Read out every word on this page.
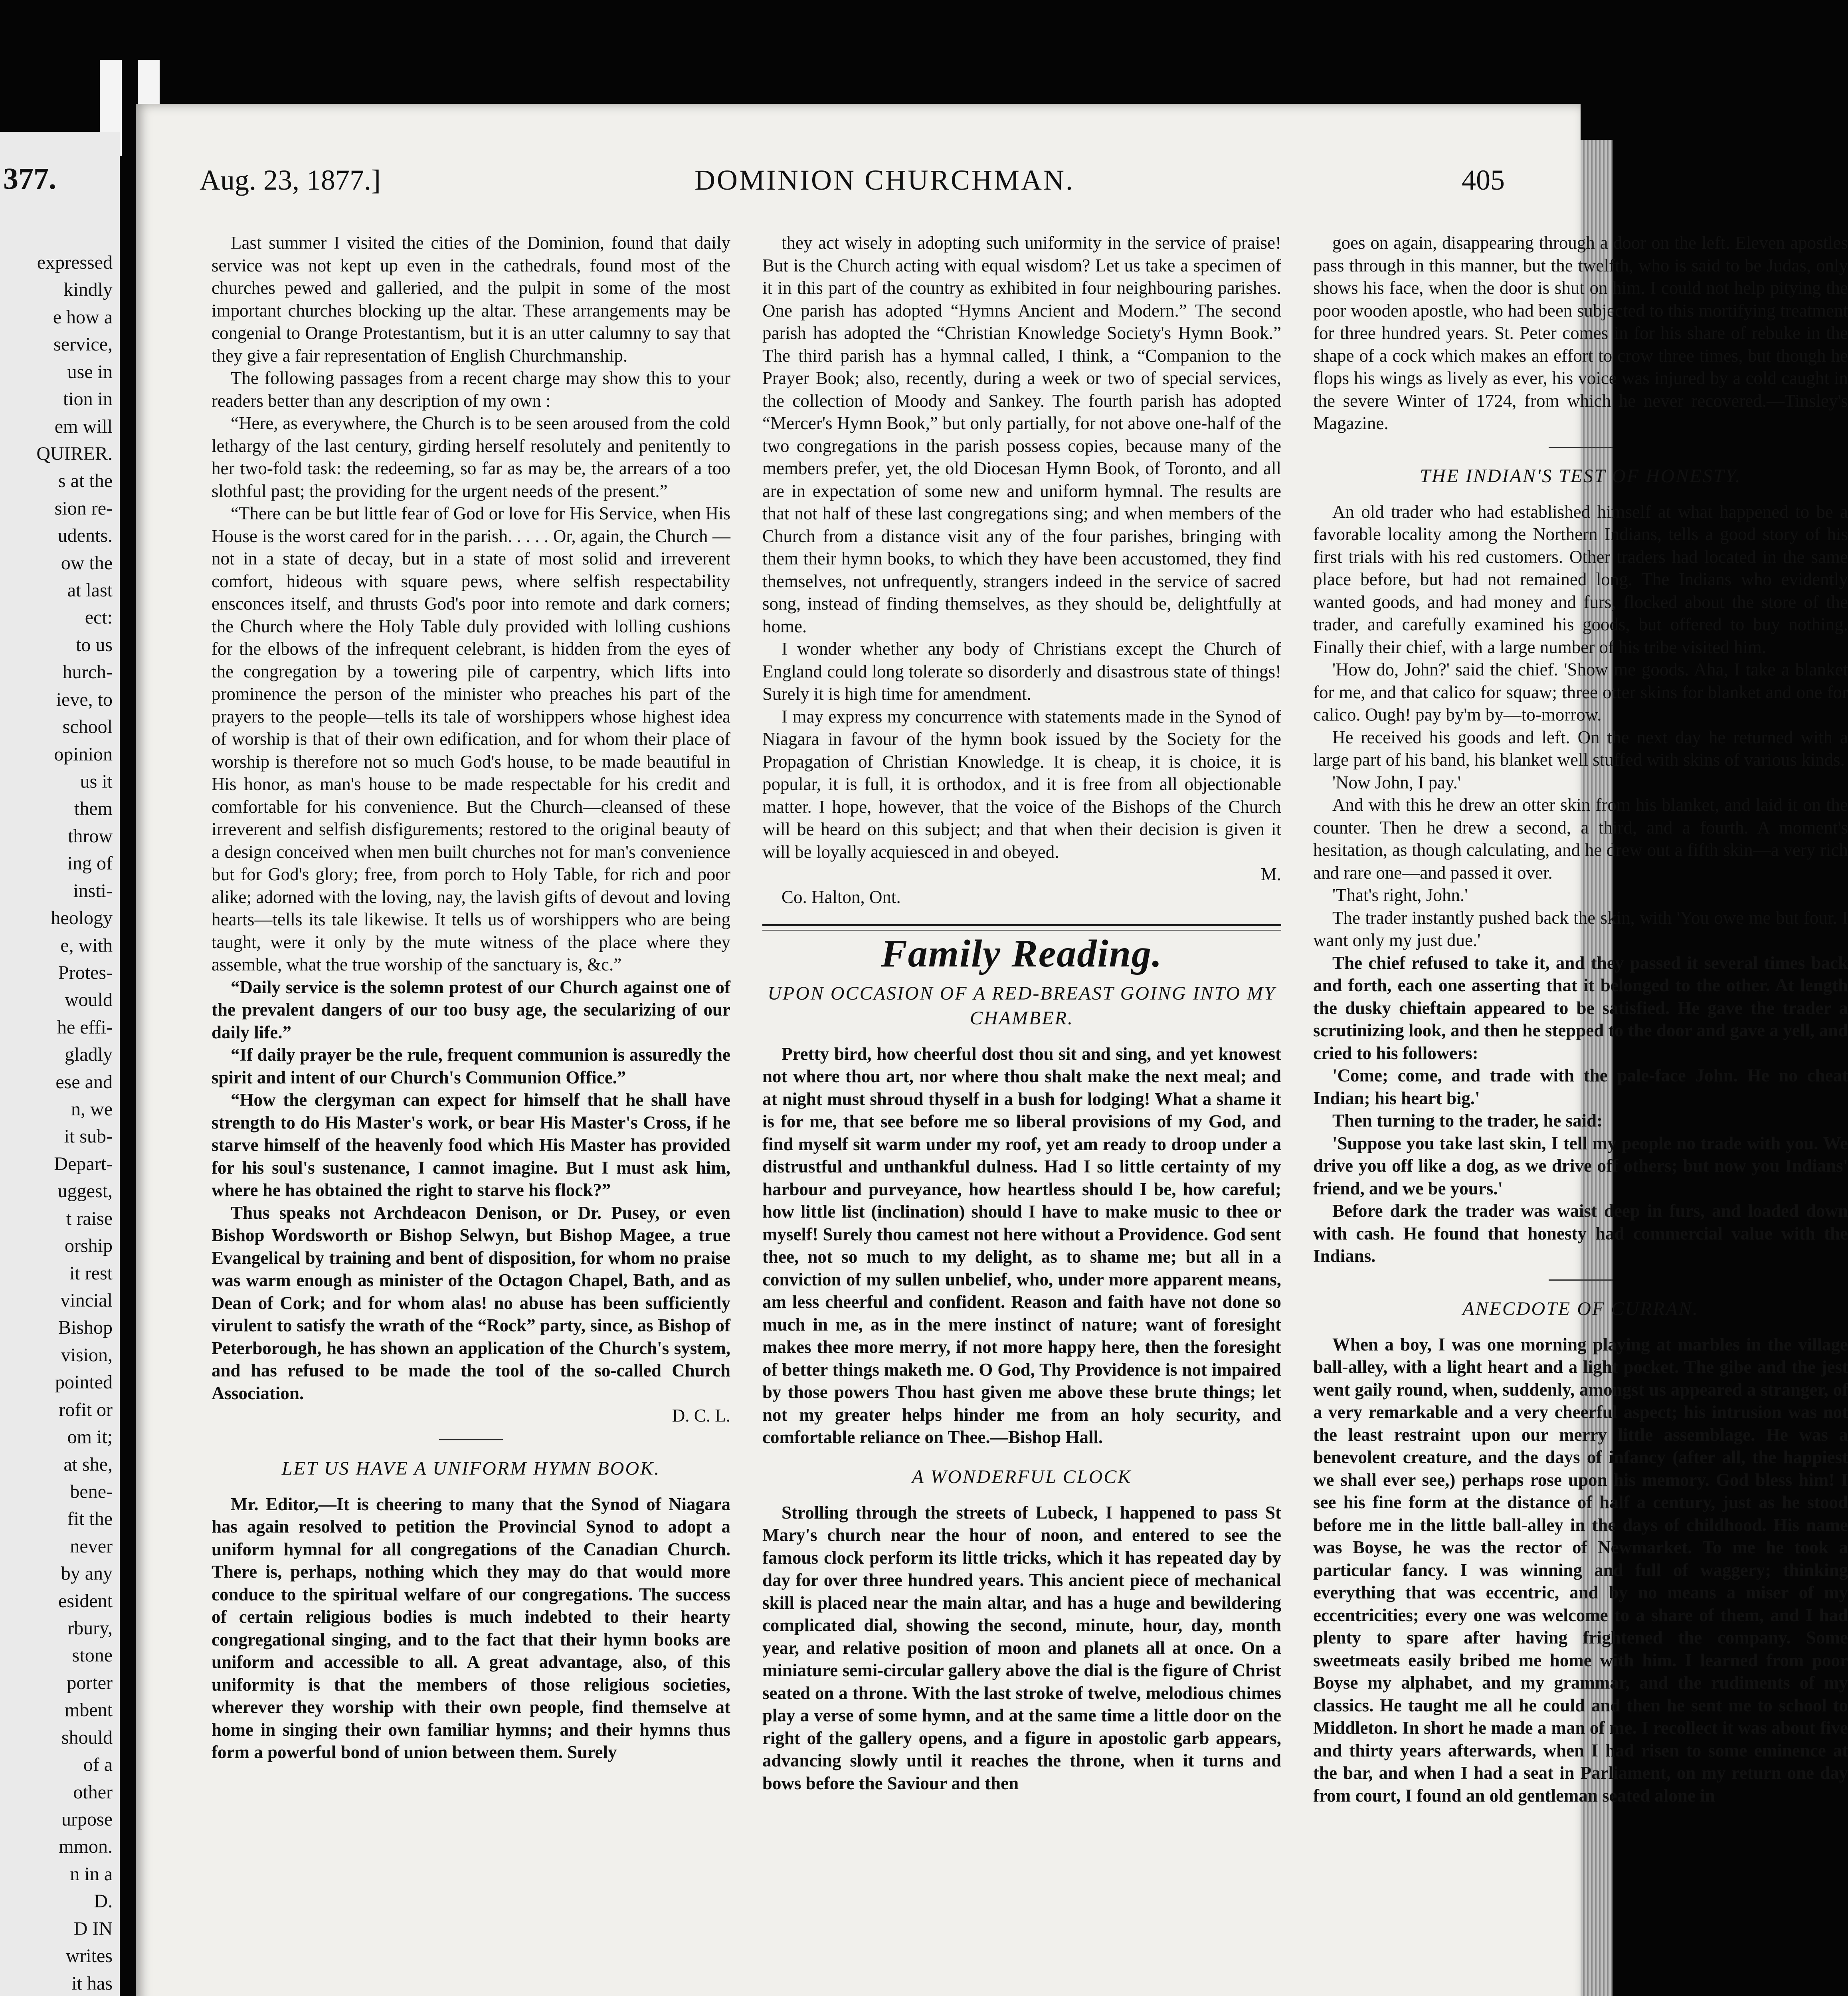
377.
expressed
kindly
e how a
service,
use in
tion in
em will
QUIRER.
s at the
sion re-
udents.
ow the
at last
ect:
to us
hurch-
ieve, to
school
opinion
us it
them
throw
ing of
insti-
heology
e, with
Protes-
would
he effi-
gladly
ese and
n, we
it sub-
Depart-
uggest,
t raise
orship
it rest
vincial
Bishop
vision,
pointed
rofit or
om it;
at she,
bene-
fit the
never
by any
esident
rbury,
stone
porter
mbent
should
of a
other
urpose
mmon.
n in a
D.
D IN
writes
it has
Aug. 23, 1877.]	DOMINION CHURCHMAN.	405

Last summer I visited the cities of the Dominion, found that daily service was not kept up even in the cathedrals, found most of the churches pewed and galleried, and the pulpit in some of the most important churches blocking up the altar. These arrangements may be congenial to Orange Protestantism, but it is an utter calumny to say that they give a fair representation of English Churchmanship.

The following passages from a recent charge may show this to your readers better than any description of my own :

“Here, as everywhere, the Church is to be seen aroused from the cold lethargy of the last century, girding herself resolutely and penitently to her two-fold task: the redeeming, so far as may be, the arrears of a too slothful past; the providing for the urgent needs of the present.”

“There can be but little fear of God or love for His Service, when His House is the worst cared for in the parish. . . . . Or, again, the Church —not in a state of decay, but in a state of most solid and irreverent comfort, hideous with square pews, where selfish respectability ensconces itself, and thrusts God's poor into remote and dark corners; the Church where the Holy Table duly provided with lolling cushions for the elbows of the infrequent celebrant, is hidden from the eyes of the congregation by a towering pile of carpentry, which lifts into prominence the person of the minister who preaches his part of the prayers to the people—tells its tale of worshippers whose highest idea of worship is that of their own edification, and for whom their place of worship is therefore not so much God's house, to be made beautiful in His honor, as man's house to be made respectable for his credit and comfortable for his convenience. But the Church—cleansed of these irreverent and selfish disfigurements; restored to the original beauty of a design conceived when men built churches not for man's convenience but for God's glory; free, from porch to Holy Table, for rich and poor alike; adorned with the loving, nay, the lavish gifts of devout and loving hearts—tells its tale likewise. It tells us of worshippers who are being taught, were it only by the mute witness of the place where they assemble, what the true worship of the sanctuary is, &c.”

“Daily service is the solemn protest of our Church against one of the prevalent dangers of our too busy age, the secularizing of our daily life.”

“If daily prayer be the rule, frequent communion is assuredly the spirit and intent of our Church's Communion Office.”

“How the clergyman can expect for himself that he shall have strength to do His Master's work, or bear His Master's Cross, if he starve himself of the heavenly food which His Master has provided for his soul's sustenance, I cannot imagine. But I must ask him, where he has obtained the right to starve his flock?”

Thus speaks not Archdeacon Denison, or Dr. Pusey, or even Bishop Wordsworth or Bishop Selwyn, but Bishop Magee, a true Evangelical by training and bent of disposition, for whom no praise was warm enough as minister of the Octagon Chapel, Bath, and as Dean of Cork; and for whom alas! no abuse has been sufficiently virulent to satisfy the wrath of the “Rock” party, since, as Bishop of Peterborough, he has shown an application of the Church's system, and has refused to be made the tool of the so-called Church Association.

D. C. L.

LET US HAVE A UNIFORM HYMN BOOK.

Mr. Editor,—It is cheering to many that the Synod of Niagara has again resolved to petition the Provincial Synod to adopt a uniform hymnal for all congregations of the Canadian Church. There is, perhaps, nothing which they may do that would more conduce to the spiritual welfare of our congregations. The success of certain religious bodies is much indebted to their hearty congregational singing, and to the fact that their hymn books are uniform and accessible to all. A great advantage, also, of this uniformity is that the members of those religious societies, wherever they worship with their own people, find themselve at home in singing their own familiar hymns; and their hymns thus form a powerful bond of union between them. Surely

they act wisely in adopting such uniformity in the service of praise! But is the Church acting with equal wisdom? Let us take a specimen of it in this part of the country as exhibited in four neighbouring parishes. One parish has adopted “Hymns Ancient and Modern.” The second parish has adopted the “Christian Knowledge Society's Hymn Book.” The third parish has a hymnal called, I think, a “Companion to the Prayer Book; also, recently, during a week or two of special services, the collection of Moody and Sankey. The fourth parish has adopted “Mercer's Hymn Book,” but only partially, for not above one-half of the two congregations in the parish possess copies, because many of the members prefer, yet, the old Diocesan Hymn Book, of Toronto, and all are in expectation of some new and uniform hymnal. The results are that not half of these last congregations sing; and when members of the Church from a distance visit any of the four parishes, bringing with them their hymn books, to which they have been accustomed, they find themselves, not unfrequently, strangers indeed in the service of sacred song, instead of finding themselves, as they should be, delightfully at home.

I wonder whether any body of Christians except the Church of England could long tolerate so disorderly and disastrous state of things! Surely it is high time for amendment.

I may express my concurrence with statements made in the Synod of Niagara in favour of the hymn book issued by the Society for the Propagation of Christian Knowledge. It is cheap, it is choice, it is popular, it is full, it is orthodox, and it is free from all objectionable matter. I hope, however, that the voice of the Bishops of the Church will be heard on this subject; and that when their decision is given it will be loyally acquiesced in and obeyed.

M.

Co. Halton, Ont.

Family Reading.
UPON OCCASION OF A RED-BREAST GOING INTO MY CHAMBER.

Pretty bird, how cheerful dost thou sit and sing, and yet knowest not where thou art, nor where thou shalt make the next meal; and at night must shroud thyself in a bush for lodging! What a shame it is for me, that see before me so liberal provisions of my God, and find myself sit warm under my roof, yet am ready to droop under a distrustful and unthankful dulness. Had I so little certainty of my harbour and purveyance, how heartless should I be, how careful; how little list (inclination) should I have to make music to thee or myself! Surely thou camest not here without a Providence. God sent thee, not so much to my delight, as to shame me; but all in a conviction of my sullen unbelief, who, under more apparent means, am less cheerful and confident. Reason and faith have not done so much in me, as in the mere instinct of nature; want of foresight makes thee more merry, if not more happy here, then the foresight of better things maketh me. O God, Thy Providence is not impaired by those powers Thou hast given me above these brute things; let not my greater helps hinder me from an holy security, and comfortable reliance on Thee.—Bishop Hall.

A WONDERFUL CLOCK

Strolling through the streets of Lubeck, I happened to pass St Mary's church near the hour of noon, and entered to see the famous clock perform its little tricks, which it has repeated day by day for over three hundred years. This ancient piece of mechanical skill is placed near the main altar, and has a huge and bewildering complicated dial, showing the second, minute, hour, day, month year, and relative position of moon and planets all at once. On a miniature semi-circular gallery above the dial is the figure of Christ seated on a throne. With the last stroke of twelve, melodious chimes play a verse of some hymn, and at the same time a little door on the right of the gallery opens, and a figure in apostolic garb appears, advancing slowly until it reaches the throne, when it turns and bows before the Saviour and then

goes on again, disappearing through a door on the left. Eleven apostles pass through in this manner, but the twelfth, who is said to be Judas, only shows his face, when the door is shut on him. I could not help pitying the poor wooden apostle, who had been subjected to this mortifying treatment for three hundred years. St. Peter comes in for his share of rebuke in the shape of a cock which makes an effort to crow three times, but though he flops his wings as lively as ever, his voice was injured by a cold caught in the severe Winter of 1724, from which he never recovered.—Tinsley's Magazine.

THE INDIAN'S TEST OF HONESTY.

An old trader who had established himself at what happened to be a favorable locality among the Northern Indians, tells a good story of his first trials with his red customers. Other traders had located in the same place before, but had not remained long. The Indians who evidently wanted goods, and had money and furs, flocked about the store of the trader, and carefully examined his goods, but offered to buy nothing. Finally their chief, with a large number of his tribe visited him.

'How do, John?' said the chief. 'Show me goods. Aha, I take a blanket for me, and that calico for squaw; three otter skins for blanket and one for calico. Ough! pay by'm by—to-morrow.

He received his goods and left. On the next day he returned with a large part of his band, his blanket well stuffed with skins of various kinds.

'Now John, I pay.'

And with this he drew an otter skin from his blanket, and laid it on the counter. Then he drew a second, a third, and a fourth. A moment's hesitation, as though calculating, and he drew out a fifth skin—a very rich and rare one—and passed it over.

'That's right, John.'

The trader instantly pushed back the skin, with 'You owe me but four. I want only my just due.'

The chief refused to take it, and they passed it several times back and forth, each one asserting that it belonged to the other. At length the dusky chieftain appeared to be satisfied. He gave the trader a scrutinizing look, and then he stepped to the door and gave a yell, and cried to his followers:

'Come; come, and trade with the pale-face John. He no cheat Indian; his heart big.'

Then turning to the trader, he said:

'Suppose you take last skin, I tell my people no trade with you. We drive you off like a dog, as we drive off others; but now you Indians' friend, and we be yours.'

Before dark the trader was waist deep in furs, and loaded down with cash. He found that honesty had commercial value with the Indians.

ANECDOTE OF CURRAN.

When a boy, I was one morning playing at marbles in the village ball-alley, with a light heart and a light pocket. The gibe and the jest went gaily round, when, suddenly, amongst us appeared a stranger, of a very remarkable and a very cheerful aspect; his intrusion was not the least restraint upon our merry little assemblage. He was a benevolent creature, and the days of infancy (after all, the happiest we shall ever see,) perhaps rose upon his memory. God bless him! I see his fine form at the distance of half a century, just as he stood before me in the little ball-alley in the days of childhood. His name was Boyse, he was the rector of Newmarket. To me he took a particular fancy. I was winning and full of waggery; thinking everything that was eccentric, and by no means a miser of my eccentricities; every one was welcome to a share of them, and I had plenty to spare after having frightened the company. Some sweetmeats easily bribed me home with him. I learned from poor Boyse my alphabet, and my grammar, and the rudiments of my classics. He taught me all he could and then he sent me to school to Middleton. In short he made a man of me. I recollect it was about five and thirty years afterwards, when I had risen to some eminence at the bar, and when I had a seat in Parliament, on my return one day from court, I found an old gentleman seated alone in
